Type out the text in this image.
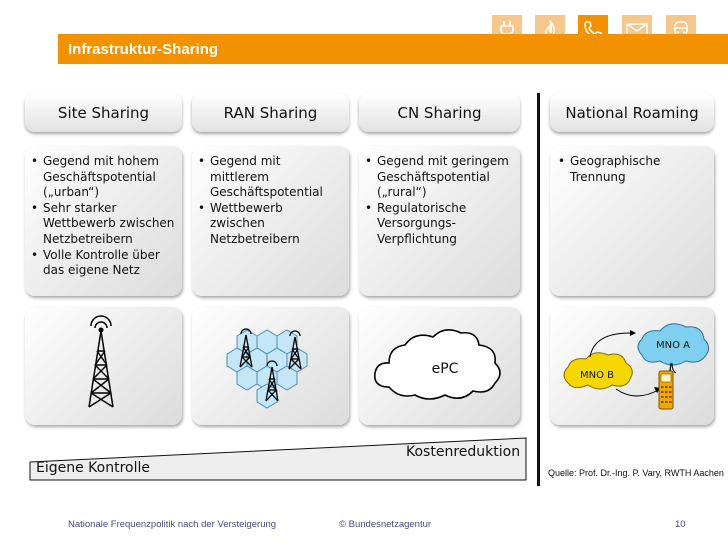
Infrastruktur-Sharing
Site Sharing	RAN Sharing	CN Sharing	National Roaming
• Gegend mit hohem
Geschäftspotential
(„urban“)
• Sehr starker
Wettbewerb zwischen
Netzbetreibern
• Volle Kontrolle über
das eigene Netz
• Gegend mit
mittlerem
Geschäftspotential
• Wettbewerb
zwischen
Netzbetreibern
• Gegend mit geringem
Geschäftspotential
(„rural“)
• Regulatorische
Versorgungs-
Verpflichtung
• Geographische
Trennung
ePC
MNO A
MNO B
Kostenreduktion
Eigene Kontrolle	Quelle: Prof. Dr.-Ing. P. Vary, RWTH Aachen
Nationale Frequenzpolitik nach der Versteigerung	© Bundesnetzagentur	10
